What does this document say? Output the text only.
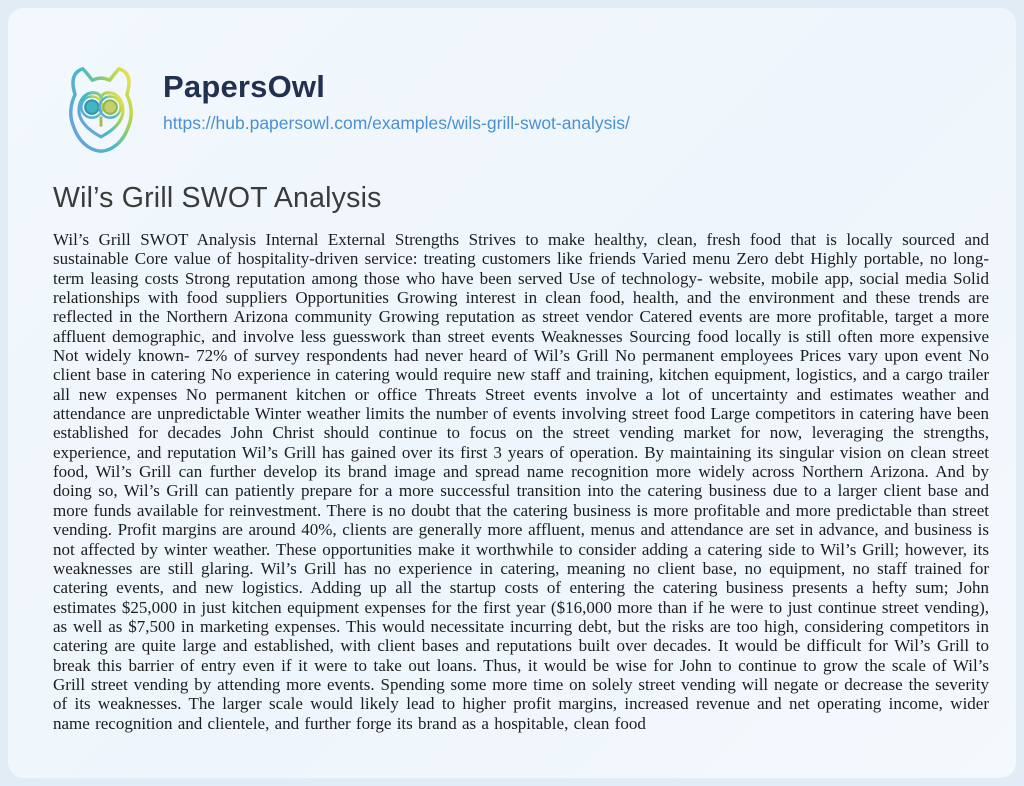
PapersOwl
https://hub.papersowl.com/examples/wils-grill-swot-analysis/
Wil’s Grill SWOT Analysis

Wil’s Grill SWOT Analysis Internal External Strengths Strives to make healthy, clean, fresh food that is locally sourced and sustainable Core value of hospitality-driven service: treating customers like friends Varied menu Zero debt Highly portable, no long-term leasing costs Strong reputation among those who have been served Use of technology- website, mobile app, social media Solid relationships with food suppliers Opportunities Growing interest in clean food, health, and the environment and these trends are reflected in the Northern Arizona community Growing reputation as street vendor Catered events are more profitable, target a more affluent demographic, and involve less guesswork than street events Weaknesses Sourcing food locally is still often more expensive Not widely known- 72% of survey respondents had never heard of Wil’s Grill No permanent employees Prices vary upon event No client base in catering No experience in catering would require new staff and training, kitchen equipment, logistics, and a cargo trailer all new expenses No permanent kitchen or office Threats Street events involve a lot of uncertainty and estimates weather and attendance are unpredictable Winter weather limits the number of events involving street food Large competitors in catering have been established for decades John Christ should continue to focus on the street vending market for now, leveraging the strengths, experience, and reputation Wil’s Grill has gained over its first 3 years of operation. By maintaining its singular vision on clean street food, Wil’s Grill can further develop its brand image and spread name recognition more widely across Northern Arizona. And by doing so, Wil’s Grill can patiently prepare for a more successful transition into the catering business due to a larger client base and more funds available for reinvestment. There is no doubt that the catering business is more profitable and more predictable than street vending. Profit margins are around 40%, clients are generally more affluent, menus and attendance are set in advance, and business is not affected by winter weather. These opportunities make it worthwhile to consider adding a catering side to Wil’s Grill; however, its weaknesses are still glaring. Wil’s Grill has no experience in catering, meaning no client base, no equipment, no staff trained for catering events, and new logistics. Adding up all the startup costs of entering the catering business presents a hefty sum; John estimates $25,000 in just kitchen equipment expenses for the first year ($16,000 more than if he were to just continue street vending), as well as $7,500 in marketing expenses. This would necessitate incurring debt, but the risks are too high, considering competitors in catering are quite large and established, with client bases and reputations built over decades. It would be difficult for Wil’s Grill to break this barrier of entry even if it were to take out loans. Thus, it would be wise for John to continue to grow the scale of Wil’s Grill street vending by attending more events. Spending some more time on solely street vending will negate or decrease the severity of its weaknesses. The larger scale would likely lead to higher profit margins, increased revenue and net operating income, wider name recognition and clientele, and further forge its brand as a hospitable, clean food
